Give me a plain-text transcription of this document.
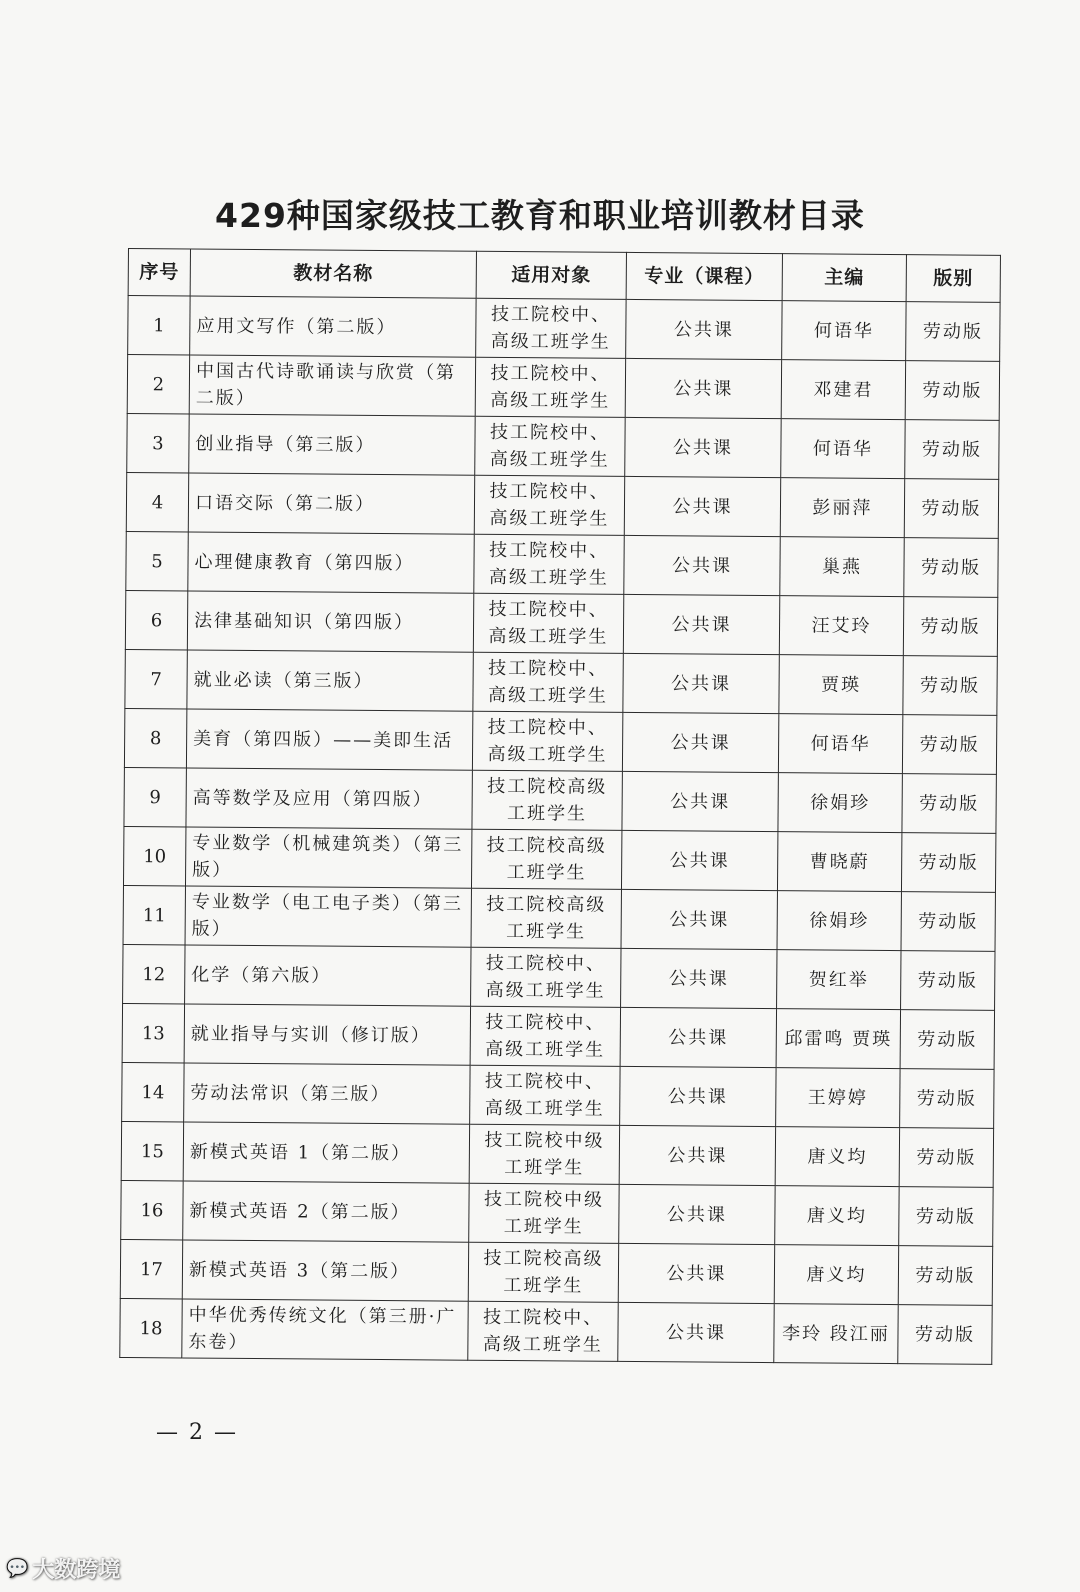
429种国家级技工教育和职业培训教材目录
序号	教材名称	适用对象	专业（课程）	主编	版别
1	应用文写作（第二版）	技工院校中、高级工班学生	公共课	何语华	劳动版
2	中国古代诗歌诵读与欣赏（第二版）	技工院校中、高级工班学生	公共课	邓建君	劳动版
3	创业指导（第三版）	技工院校中、高级工班学生	公共课	何语华	劳动版
4	口语交际（第二版）	技工院校中、高级工班学生	公共课	彭丽萍	劳动版
5	心理健康教育（第四版）	技工院校中、高级工班学生	公共课	巢燕	劳动版
6	法律基础知识（第四版）	技工院校中、高级工班学生	公共课	汪艾玲	劳动版
7	就业必读（第三版）	技工院校中、高级工班学生	公共课	贾瑛	劳动版
8	美育（第四版）——美即生活	技工院校中、高级工班学生	公共课	何语华	劳动版
9	高等数学及应用（第四版）	技工院校高级工班学生	公共课	徐娟珍	劳动版
10	专业数学（机械建筑类）（第三版）	技工院校高级工班学生	公共课	曹晓蔚	劳动版
11	专业数学（电工电子类）（第三版）	技工院校高级工班学生	公共课	徐娟珍	劳动版
12	化学（第六版）	技工院校中、高级工班学生	公共课	贺红举	劳动版
13	就业指导与实训（修订版）	技工院校中、高级工班学生	公共课	邱雷鸣 贾瑛	劳动版
14	劳动法常识（第三版）	技工院校中、高级工班学生	公共课	王婷婷	劳动版
15	新模式英语 1（第二版）	技工院校中级工班学生	公共课	唐义均	劳动版
16	新模式英语 2（第二版）	技工院校中级工班学生	公共课	唐义均	劳动版
17	新模式英语 3（第二版）	技工院校高级工班学生	公共课	唐义均	劳动版
18	中华优秀传统文化（第三册·广东卷）	技工院校中、高级工班学生	公共课	李玲 段江丽	劳动版
— 2 —
💬 大数跨境
